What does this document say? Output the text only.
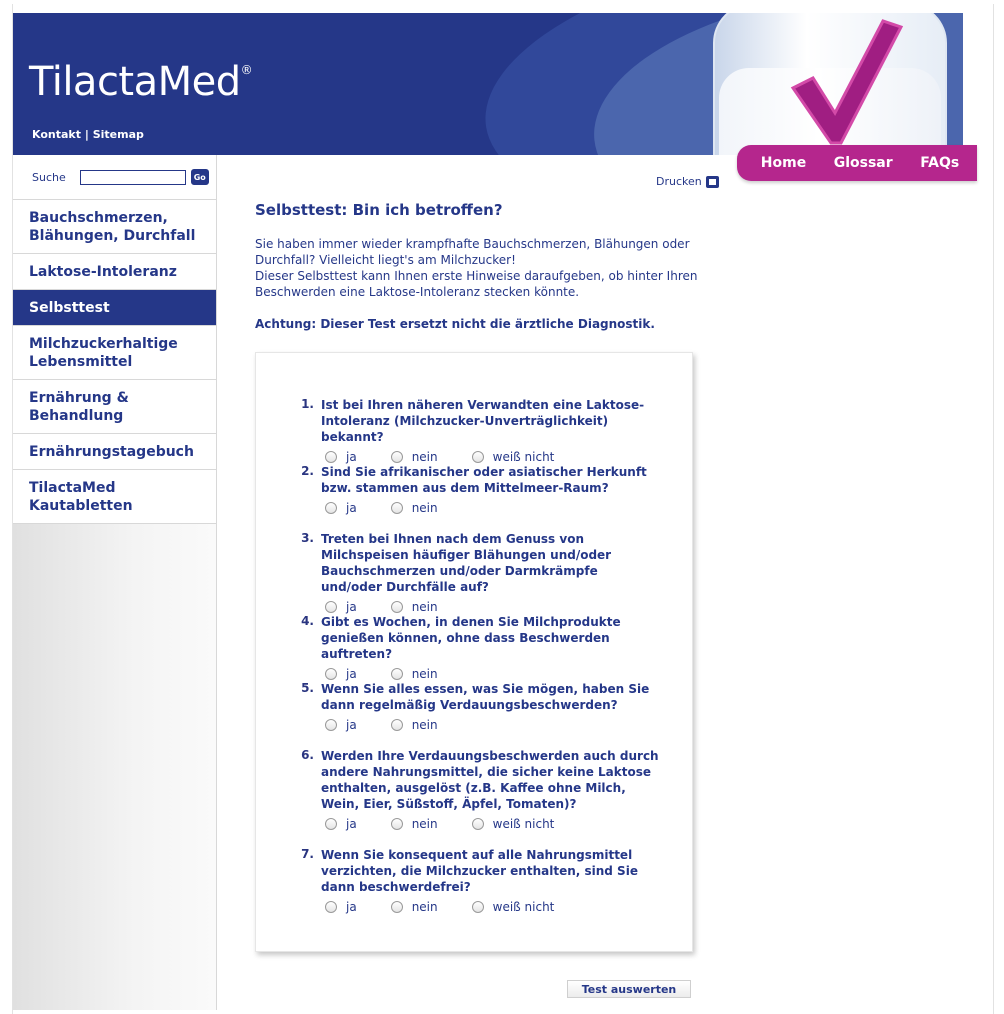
TilactaMed®
Kontakt | Sitemap
Home Glossar FAQs
Suche	Go
Bauchschmerzen, Blähungen, Durchfall
Laktose-Intoleranz
Selbsttest
Milchzuckerhaltige Lebensmittel
Ernährung & Behandlung
Ernährungstagebuch
TilactaMed Kautabletten
Drucken
Selbsttest: Bin ich betroffen?
Sie haben immer wieder krampfhafte Bauchschmerzen, Blähungen oder Durchfall? Vielleicht liegt's am Milchzucker!
Dieser Selbsttest kann Ihnen erste Hinweise daraufgeben, ob hinter Ihren Beschwerden eine Laktose-Intoleranz stecken könnte.
Achtung: Dieser Test ersetzt nicht die ärztliche Diagnostik.
1. Ist bei Ihren näheren Verwandten eine Laktose-Intoleranz (Milchzucker-Unverträglichkeit) bekannt?
ja	nein	weiß nicht
2. Sind Sie afrikanischer oder asiatischer Herkunft bzw. stammen aus dem Mittelmeer-Raum?
ja	nein
3. Treten bei Ihnen nach dem Genuss von Milchspeisen häufiger Blähungen und/oder Bauchschmerzen und/oder Darmkrämpfe und/oder Durchfälle auf?
ja	nein
4. Gibt es Wochen, in denen Sie Milchprodukte genießen können, ohne dass Beschwerden auftreten?
ja	nein
5. Wenn Sie alles essen, was Sie mögen, haben Sie dann regelmäßig Verdauungsbeschwerden?
ja	nein
6. Werden Ihre Verdauungsbeschwerden auch durch andere Nahrungsmittel, die sicher keine Laktose enthalten, ausgelöst (z.B. Kaffee ohne Milch, Wein, Eier, Süßstoff, Äpfel, Tomaten)?
ja	nein	weiß nicht
7. Wenn Sie konsequent auf alle Nahrungsmittel verzichten, die Milchzucker enthalten, sind Sie dann beschwerdefrei?
ja	nein	weiß nicht
Test auswerten
